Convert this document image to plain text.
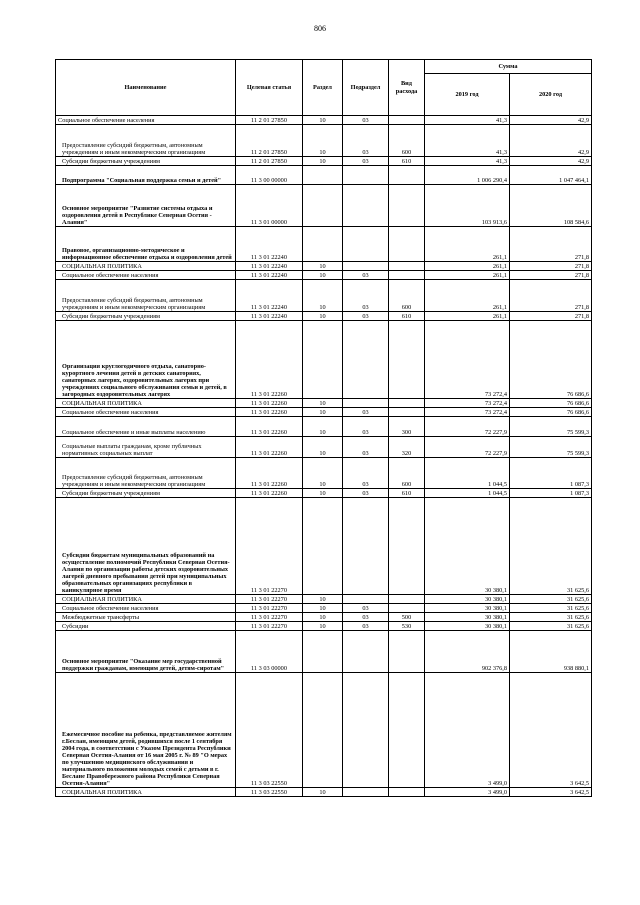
806
Наименование	Целевая статья	Раздел	Подраздел	Вид расхода	Сумма	
					2019 год	2020 год
Социальное обеспечение населения	11 2 01 27850	10	03		41,3	42,9
Предоставление субсидий бюджетным, автономным учреждениям и иным некоммерческим организациям	11 2 01 27850	10	03	600	41,3	42,9
Субсидии бюджетным учреждениям	11 2 01 27850	10	03	610	41,3	42,9
Подпрограмма "Социальная поддержка семьи и детей"	11 3 00 00000				1 006 290,4	1 047 464,1
Основное мероприятие "Развитие системы отдыха и оздоровления детей в Республике Северная Осетия - Алания"	11 3 01 00000				103 913,6	108 584,6
Правовое, организационно-методическое и информационное обеспечение отдыха и оздоровления детей	11 3 01 22240				261,1	271,8
СОЦИАЛЬНАЯ ПОЛИТИКА	11 3 01 22240	10			261,1	271,8
Социальное обеспечение населения	11 3 01 22240	10	03		261,1	271,8
Предоставление субсидий бюджетным, автономным учреждениям и иным некоммерческим организациям	11 3 01 22240	10	03	600	261,1	271,8
Субсидии бюджетным учреждениям	11 3 01 22240	10	03	610	261,1	271,8
Организация круглогодичного отдыха, санаторно-курортного лечения детей в детских санаториях, санаторных лагерях, оздоровительных лагерях при учреждениях социального обслуживания семьи и детей, в загородных оздоровительных лагерях	11 3 01 22260				73 272,4	76 686,6
СОЦИАЛЬНАЯ ПОЛИТИКА	11 3 01 22260	10			73 272,4	76 686,6
Социальное обеспечение населения	11 3 01 22260	10	03		73 272,4	76 686,6
Социальное обеспечение и иные выплаты населению	11 3 01 22260	10	03	300	72 227,9	75 599,3
Социальные выплаты гражданам, кроме публичных нормативных социальных выплат	11 3 01 22260	10	03	320	72 227,9	75 599,3
Предоставление субсидий бюджетным, автономным учреждениям и иным некоммерческим организациям	11 3 01 22260	10	03	600	1 044,5	1 087,3
Субсидии бюджетным учреждениям	11 3 01 22260	10	03	610	1 044,5	1 087,3
Субсидии бюджетам муниципальных образований на осуществление полномочий Республики Северная Осетия-Алания по организации работы детских оздоровительных лагерей дневного пребывания детей при муниципальных образовательных организациях республики в каникулярное время	11 3 01 22270				30 380,1	31 625,6
СОЦИАЛЬНАЯ ПОЛИТИКА	11 3 01 22270	10			30 380,1	31 625,6
Социальное обеспечение населения	11 3 01 22270	10	03		30 380,1	31 625,6
Межбюджетные трансферты	11 3 01 22270	10	03	500	30 380,1	31 625,6
Субсидии	11 3 01 22270	10	03	530	30 380,1	31 625,6
Основное мероприятие "Оказание мер государственной поддержки гражданам, имеющим детей, детям-сиротам"	11 3 03 00000				902 376,8	938 880,1
Ежемесячное пособие на ребенка, представляемое жителям г.Беслан, имеющим детей, родившихся после 1 сентября 2004 года, в соответствии с Указом Президента Республики Северная Осетия-Алания от 16 мая 2005 г. № 89 "О мерах по улучшению медицинского обслуживания и материального положения молодых семей с детьми в г. Беслане Правобережного района Республики Северная Осетия-Алания"	11 3 03 22550				3 499,0	3 642,5
СОЦИАЛЬНАЯ ПОЛИТИКА	11 3 03 22550	10			3 499,0	3 642,5
